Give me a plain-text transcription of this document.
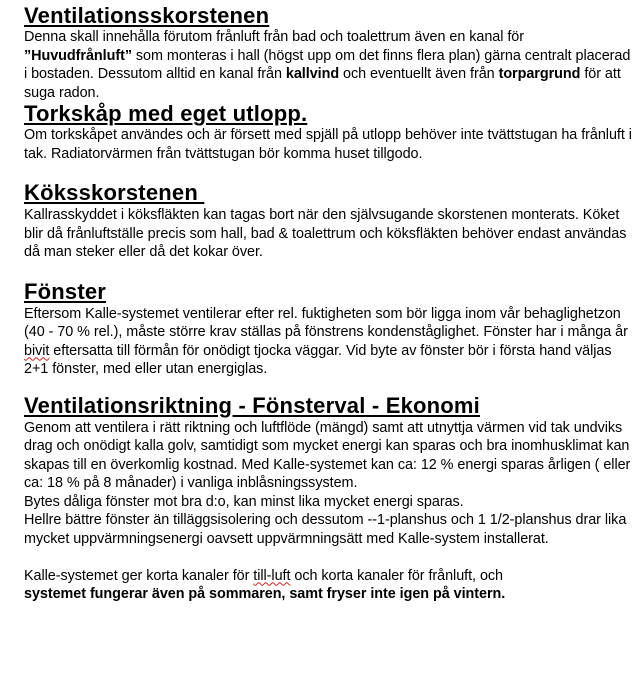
Ventilationsskorstenen

Denna skall innehålla förutom frånluft från bad och toalettrum även en kanal för
”Huvudfrånluft” som monteras i hall (högst upp om det finns flera plan) gärna centralt placerad i bostaden. Dessutom alltid en kanal från kallvind och eventuellt även från torpargrund för att suga radon.

Torkskåp med eget utlopp.

Om torkskåpet användes och är försett med spjäll på utlopp behöver inte tvättstugan ha frånluft i tak. Radiatorvärmen från tvättstugan bör komma huset tillgodo.

Köksskorstenen

Kallrasskyddet i köksfläkten kan tagas bort när den självsugande skorstenen monterats. Köket blir då frånluftställe precis som hall, bad & toalettrum och köksfläkten behöver endast användas då man steker eller då det kokar över.

Fönster

Eftersom Kalle-systemet ventilerar efter rel. fuktigheten som bör ligga inom vår behaglighetzon (40 - 70 % rel.), måste större krav ställas på fönstrens kondenståglighet. Fönster har i många år bivit eftersatta till förmån för onödigt tjocka väggar. Vid byte av fönster bör i första hand väljas 2+1 fönster, med eller utan energiglas.

Ventilationsriktning - Fönsterval - Ekonomi

Genom att ventilera i rätt riktning och luftflöde (mängd) samt att utnyttja värmen vid tak undviks drag och onödigt kalla golv, samtidigt som mycket energi kan sparas och bra inomhusklimat kan skapas till en överkomlig kostnad. Med Kalle-systemet kan ca: 12 % energi sparas årligen ( eller ca: 18 % på 8 månader) i vanliga inblåsningssystem.

Bytes dåliga fönster mot bra d:o, kan minst lika mycket energi sparas.

Hellre bättre fönster än tilläggsisolering och dessutom --1-planshus och 1 1/2-planshus drar lika mycket uppvärmningsenergi oavsett uppvärmningsätt med Kalle-system installerat.

Kalle-systemet ger korta kanaler för till-luft och korta kanaler för frånluft, och
systemet fungerar även på sommaren, samt fryser inte igen på vintern.
